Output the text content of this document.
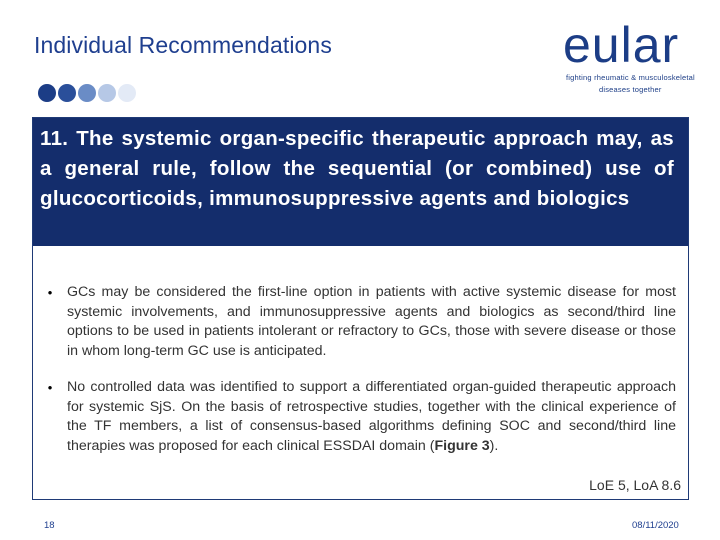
Individual Recommendations	eular
fighting rheumatic & musculoskeletal
diseases together
11. The systemic organ-specific therapeutic approach may, as a general rule, follow the sequential (or combined) use of glucocorticoids, immunosuppressive agents and biologics
•	GCs may be considered the first-line option in patients with active systemic disease for most systemic involvements, and immunosuppressive agents and biologics as second/third line options to be used in patients intolerant or refractory to GCs, those with severe disease or those in whom long-term GC use is anticipated.
•	No controlled data was identified to support a differentiated organ-guided therapeutic approach for systemic SjS. On the basis of retrospective studies, together with the clinical experience of the TF members, a list of consensus-based algorithms defining SOC and second/third line therapies was proposed for each clinical ESSDAI domain (Figure 3).
LoE 5, LoA 8.6
18	08/11/2020
